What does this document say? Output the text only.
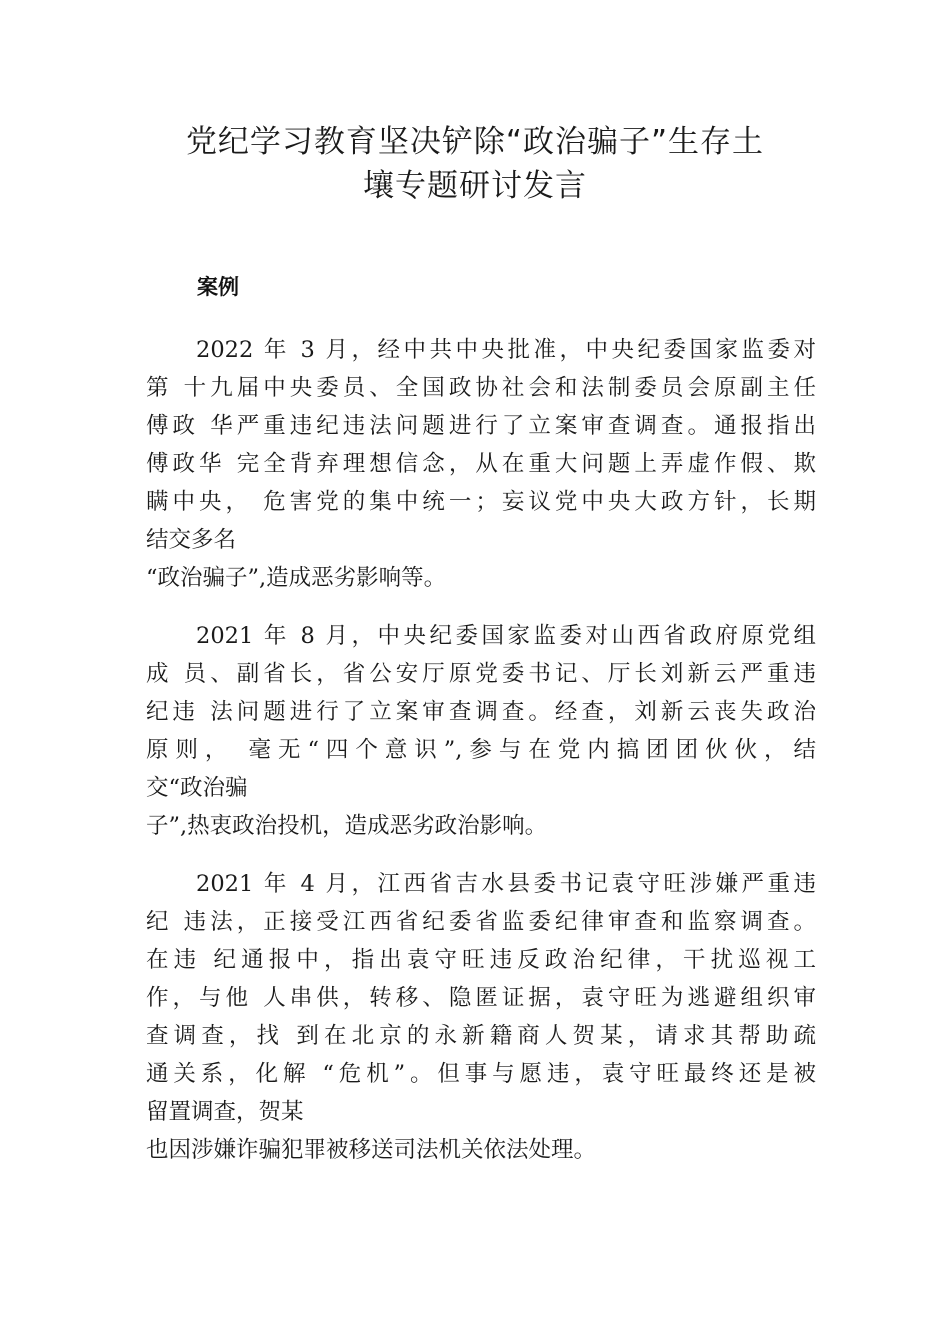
党纪学习教育坚决铲除“政治骗子”生存土
壤专题研讨发言
案例
2022 年 3 月，经中共中央批准，中央纪委国家监委对
第 十九届中央委员、全国政协社会和法制委员会原副主任
傅政 华严重违纪违法问题进行了立案审查调查。通报指出
傅政华 完全背弃理想信念，从在重大问题上弄虚作假、欺
瞒中央， 危害党的集中统一；妄议党中央大政方针，长期
结交多名
“政治骗子”,造成恶劣影响等。
2021 年 8 月，中央纪委国家监委对山西省政府原党组
成 员、副省长，省公安厅原党委书记、厅长刘新云严重违
纪违 法问题进行了立案审查调查。经查，刘新云丧失政治
原则， 毫无“四个意识”,参与在党内搞团团伙伙，结
交“政治骗
子”,热衷政治投机，造成恶劣政治影响。
2021 年 4 月，江西省吉水县委书记袁守旺涉嫌严重违
纪 违法，正接受江西省纪委省监委纪律审查和监察调查。
在违 纪通报中，指出袁守旺违反政治纪律，干扰巡视工
作，与他 人串供，转移、隐匿证据，袁守旺为逃避组织审
查调查，找 到在北京的永新籍商人贺某，请求其帮助疏
通关系，化解 “危机”。但事与愿违，袁守旺最终还是被
留置调查，贺某
也因涉嫌诈骗犯罪被移送司法机关依法处理。
